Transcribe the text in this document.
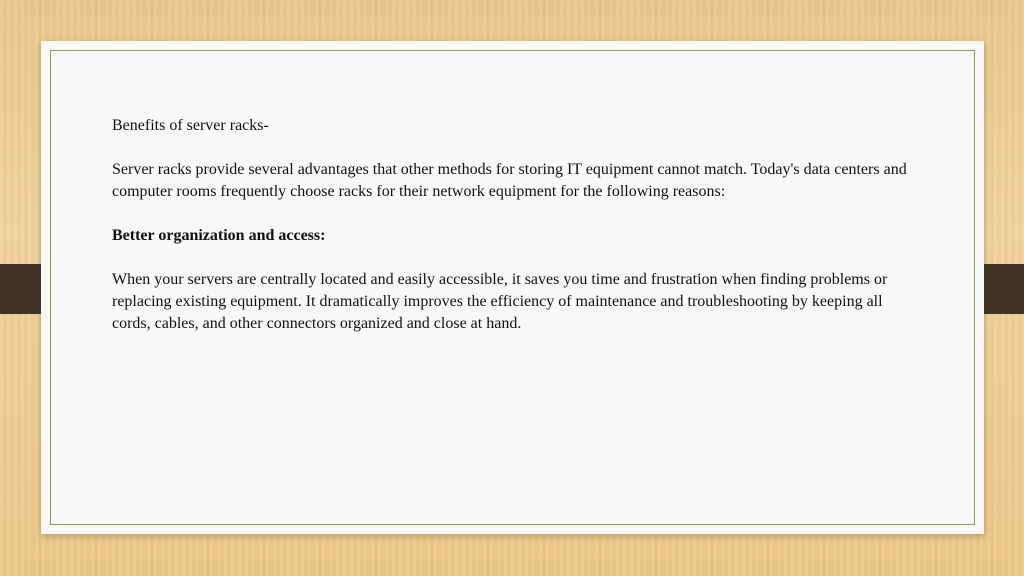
Benefits of server racks-

Server racks provide several advantages that other methods for storing IT equipment cannot match. Today's data centers and computer rooms frequently choose racks for their network equipment for the following reasons:

Better organization and access:

When your servers are centrally located and easily accessible, it saves you time and frustration when finding problems or replacing existing equipment. It dramatically improves the efficiency of maintenance and troubleshooting by keeping all cords, cables, and other connectors organized and close at hand.
